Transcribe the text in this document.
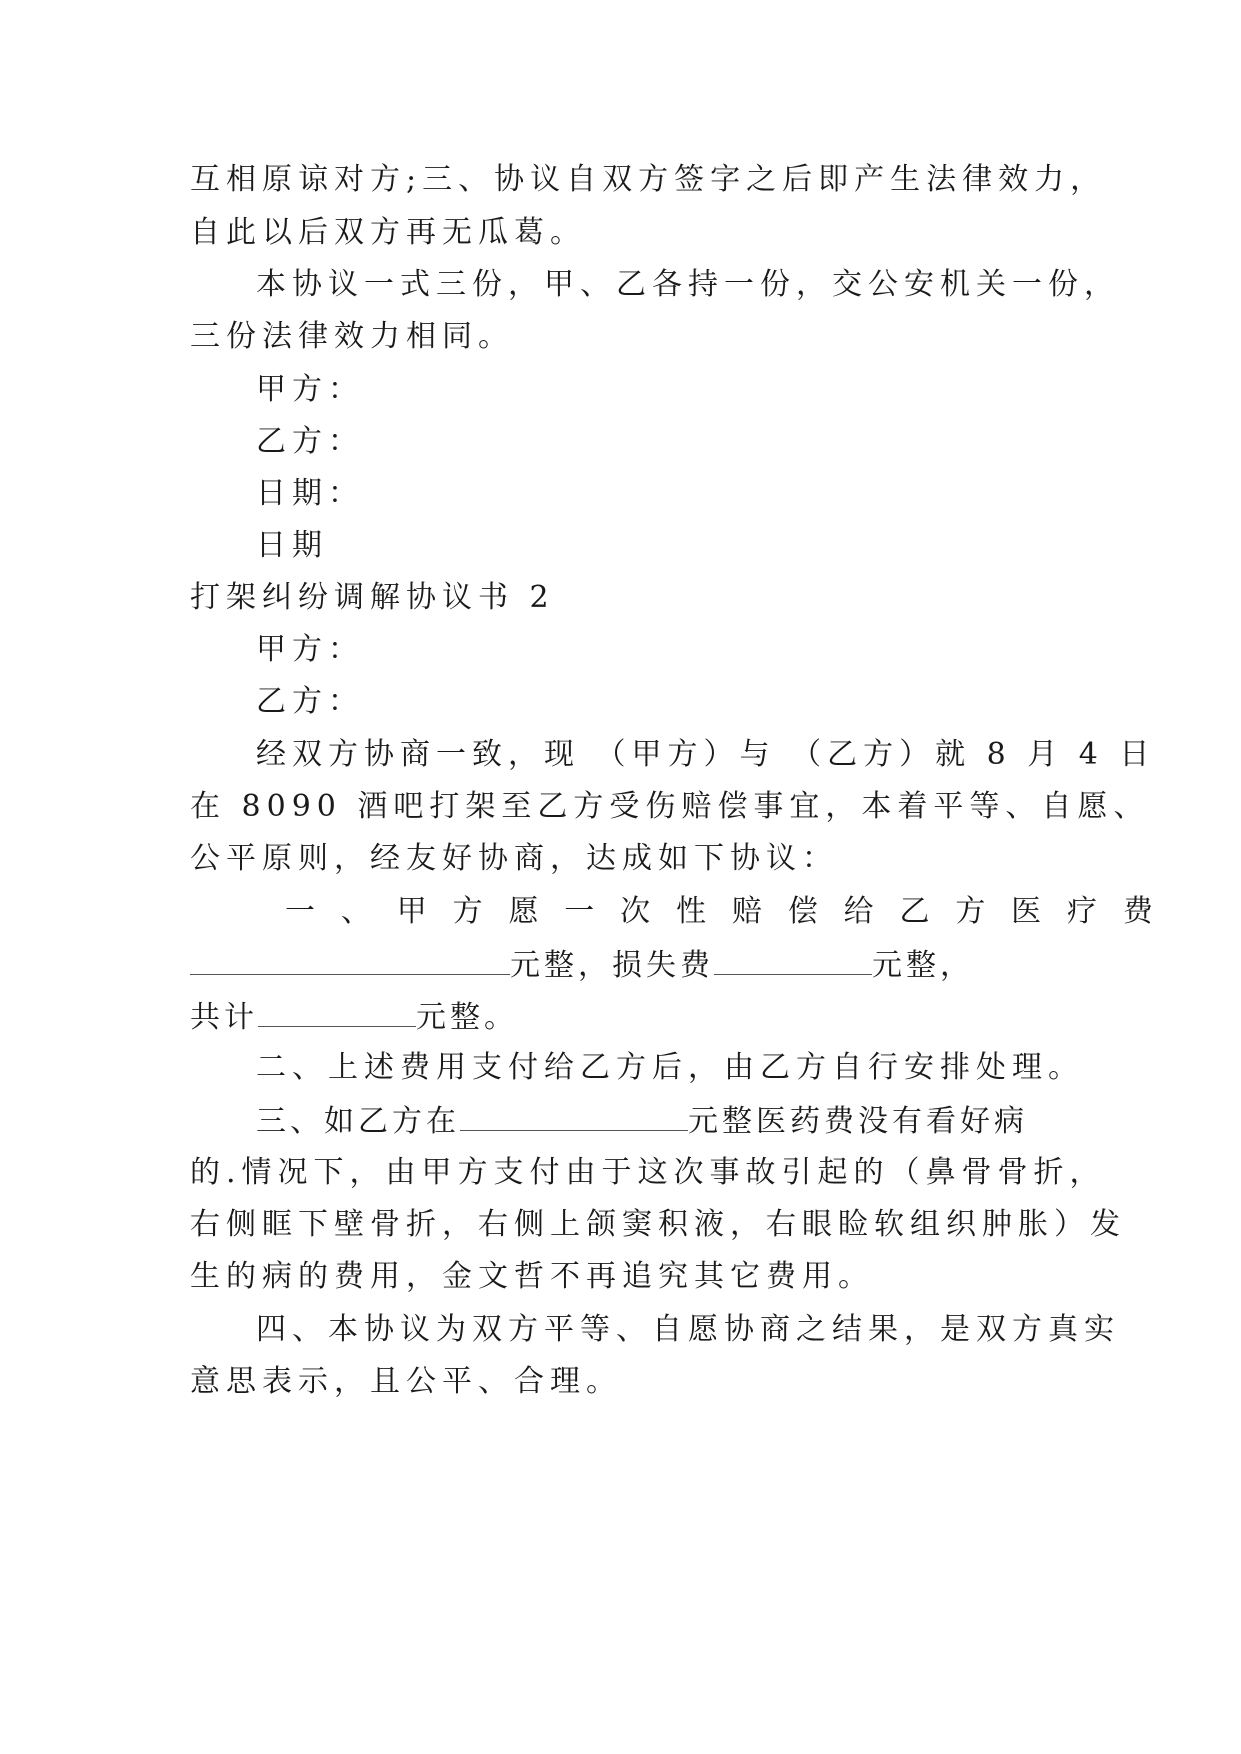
互相原谅对方;三、协议自双方签字之后即产生法律效力，
自此以后双方再无瓜葛。
本协议一式三份，甲、乙各持一份，交公安机关一份，
三份法律效力相同。
甲方：
乙方：
日期：
日期
打架纠纷调解协议书 2
甲方：
乙方：
经双方协商一致，现 （甲方）与 （乙方）就 8 月 4 日
在 8090 酒吧打架至乙方受伤赔偿事宜，本着平等、自愿、
公平原则，经友好协商，达成如下协议：
一 、 甲 方 愿 一 次 性 赔 偿 给 乙 方 医 疗 费
元整，损失费	元整，
共计	元整。
二、上述费用支付给乙方后，由乙方自行安排处理。
三、如乙方在	元整医药费没有看好病
的.情况下，由甲方支付由于这次事故引起的（鼻骨骨折，
右侧眶下壁骨折，右侧上颌窦积液，右眼睑软组织肿胀）发
生的病的费用，金文哲不再追究其它费用。
四、本协议为双方平等、自愿协商之结果，是双方真实
意思表示，且公平、合理。
